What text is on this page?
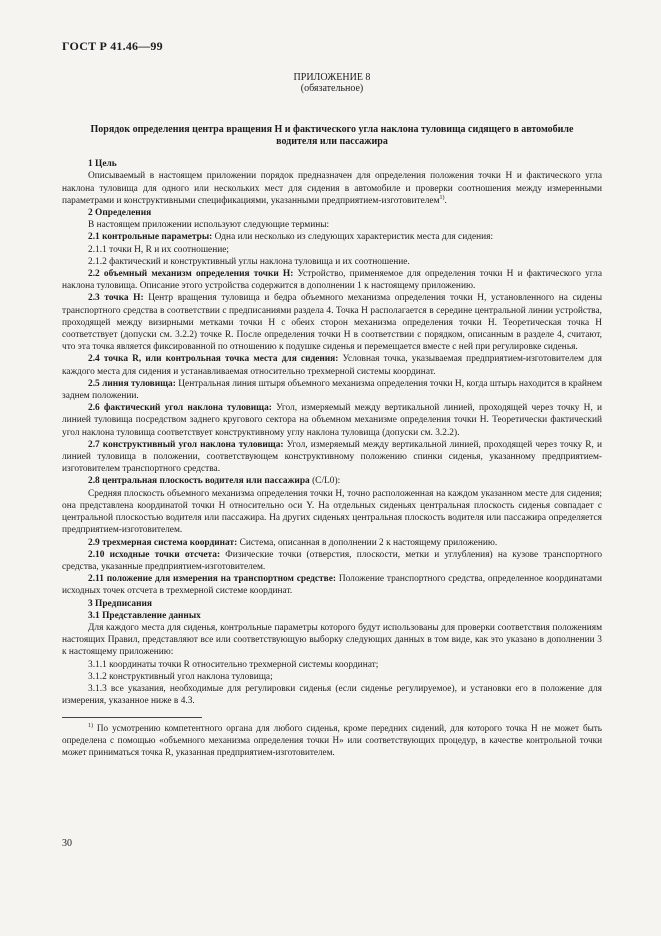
ГОСТ Р 41.46—99
ПРИЛОЖЕНИЕ 8
(обязательное)
Порядок определения центра вращения H и фактического угла наклона туловища сидящего в автомобиле водителя или пассажира

1 Цель

Описываемый в настоящем приложении порядок предназначен для определения положения точки H и фактического угла наклона туловища для одного или нескольких мест для сидения в автомобиле и проверки соотношения между измеренными параметрами и конструктивными спецификациями, указанными предприятием-изготовителем$^{1)}$.

2 Определения

В настоящем приложении используют следующие термины:

2.1 контрольные параметры: Одна или несколько из следующих характеристик места для сидения:

2.1.1 точки H, R и их соотношение;

2.1.2 фактический и конструктивный углы наклона туловища и их соотношение.

2.2 объемный механизм определения точки H: Устройство, применяемое для определения точки H и фактического угла наклона туловища. Описание этого устройства содержится в дополнении 1 к настоящему приложению.

2.3 точка H: Центр вращения туловища и бедра объемного механизма определения точки H, установленного на сидены транспортного средства в соответствии с предписаниями раздела 4. Точка H располагается в середине центральной линии устройства, проходящей между визирными метками точки H с обеих сторон механизма определения точки H. Теоретическая точка H соответствует (допуски см. 3.2.2) точке R. После определения точки H в соответствии с порядком, описанным в разделе 4, считают, что эта точка является фиксированной по отношению к подушке сиденья и перемещается вместе с ней при регулировке сиденья.

2.4 точка R, или контрольная точка места для сидения: Условная точка, указываемая предприятием-изготовителем для каждого места для сидения и устанавливаемая относительно трехмерной системы координат.

2.5 линия туловища: Центральная линия штыря объемного механизма определения точки H, когда штырь находится в крайнем заднем положении.

2.6 фактический угол наклона туловища: Угол, измеряемый между вертикальной линией, проходящей через точку H, и линией туловища посредством заднего кругового сектора на объемном механизме определения точки H. Теоретически фактический угол наклона туловища соответствует конструктивному углу наклона туловища (допуски см. 3.2.2).

2.7 конструктивный угол наклона туловища: Угол, измеряемый между вертикальной линией, проходящей через точку R, и линией туловища в положении, соответствующем конструктивному положению спинки сиденья, указанному предприятием-изготовителем транспортного средства.

2.8 центральная плоскость водителя или пассажира (C/L0):

Средняя плоскость объемного механизма определения точки H, точно расположенная на каждом указанном месте для сидения; она представлена координатой точки H относительно оси Y. На отдельных сиденьях центральная плоскость сиденья совпадает с центральной плоскостью водителя или пассажира. На других сиденьях центральная плоскость водителя или пассажира определяется предприятием-изготовителем.

2.9 трехмерная система координат: Система, описанная в дополнении 2 к настоящему приложению.

2.10 исходные точки отсчета: Физические точки (отверстия, плоскости, метки и углубления) на кузове транспортного средства, указанные предприятием-изготовителем.

2.11 положение для измерения на транспортном средстве: Положение транспортного средства, определенное координатами исходных точек отсчета в трехмерной системе координат.

3 Предписания

3.1 Представление данных

Для каждого места для сиденья, контрольные параметры которого будут использованы для проверки соответствия положениям настоящих Правил, представляют все или соответствующую выборку следующих данных в том виде, как это указано в дополнении 3 к настоящему приложению:

3.1.1 координаты точки R относительно трехмерной системы координат;

3.1.2 конструктивный угол наклона туловища;

3.1.3 все указания, необходимые для регулировки сиденья (если сиденье регулируемое), и установки его в положение для измерения, указанное ниже в 4.3.

$^{1)}$ По усмотрению компетентного органа для любого сиденья, кроме передних сидений, для которого точка H не может быть определена с помощью «объемного механизма определения точки H» или соответствующих процедур, в качестве контрольной точки может приниматься точка R, указанная предприятием-изготовителем.

30
